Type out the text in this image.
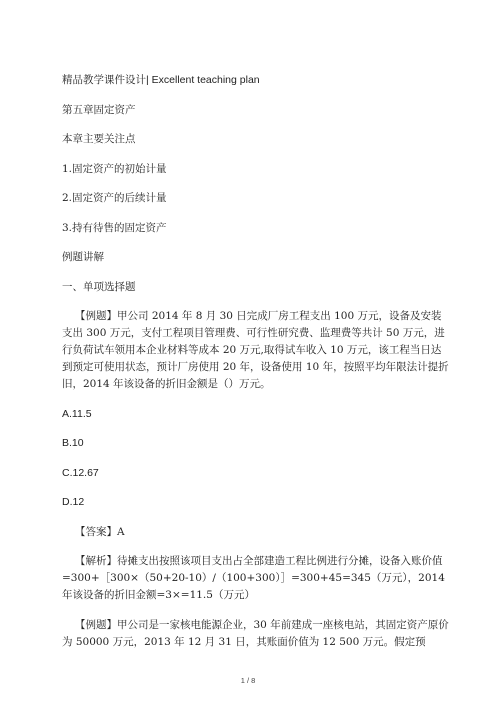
精品教学课件设计| Excellent teaching plan
第五章固定资产
本章主要关注点
1.固定资产的初始计量
2.固定资产的后续计量
3.持有待售的固定资产
例题讲解
一、单项选择题
【例题】甲公司 2014 年 8 月 30 日完成厂房工程支出 100 万元，设备及安装支出 300 万元，支付工程项目管理费、可行性研究费、监理费等共计 50 万元，进行负荷试车领用本企业材料等成本 20 万元,取得试车收入 10 万元，该工程当日达到预定可使用状态，预计厂房使用 20 年，设备使用 10 年，按照平均年限法计提折旧，2014 年该设备的折旧金额是（）万元。
A.11.5
B.10
C.12.67
D.12
【答案】A
【解析】待摊支出按照该项目支出占全部建造工程比例进行分摊，设备入账价值=300+［300×（50+20-10）/（100+300）］=300+45=345（万元），2014 年该设备的折旧金额=3×=11.5（万元）
【例题】甲公司是一家核电能源企业，30 年前建成一座核电站，其固定资产原价为 50000 万元，2013 年 12 月 31 日，其账面价值为 12 500 万元。假定预
1 / 8
